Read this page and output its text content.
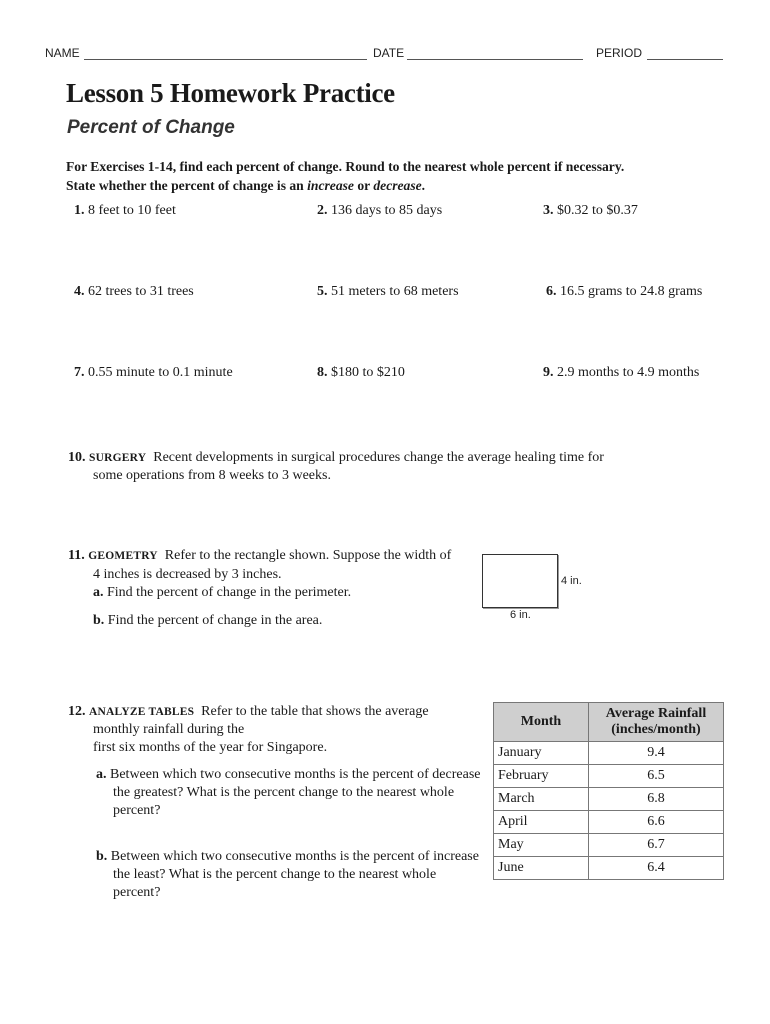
NAME	DATE	PERIOD
Lesson 5 Homework Practice
Percent of Change
For Exercises 1-14, find each percent of change. Round to the nearest whole percent if necessary.
State whether the percent of change is an increase or decrease.
1. 8 feet to 10 feet	2. 136 days to 85 days	3. $0.32 to $0.37
4. 62 trees to 31 trees	5. 51 meters to 68 meters	6. 16.5 grams to 24.8 grams
7. 0.55 minute to 0.1 minute	8. $180 to $210	9. 2.9 months to 4.9 months
10. SURGERY Recent developments in surgical procedures change the average healing time for
some operations from 8 weeks to 3 weeks.
11. GEOMETRY Refer to the rectangle shown. Suppose the width of
4 inches is decreased by 3 inches.
a. Find the percent of change in the perimeter.
b. Find the percent of change in the area.
4 in.
6 in.
12. ANALYZE TABLES Refer to the table that shows the average
monthly rainfall during the
first six months of the year for Singapore.
a. Between which two consecutive months is the percent of decrease
the greatest? What is the percent change to the nearest whole
percent?
b. Between which two consecutive months is the percent of increase
the least? What is the percent change to the nearest whole
percent?
Month	Average Rainfall
(inches/month)
January	9.4
February	6.5
March	6.8
April	6.6
May	6.7
June	6.4
